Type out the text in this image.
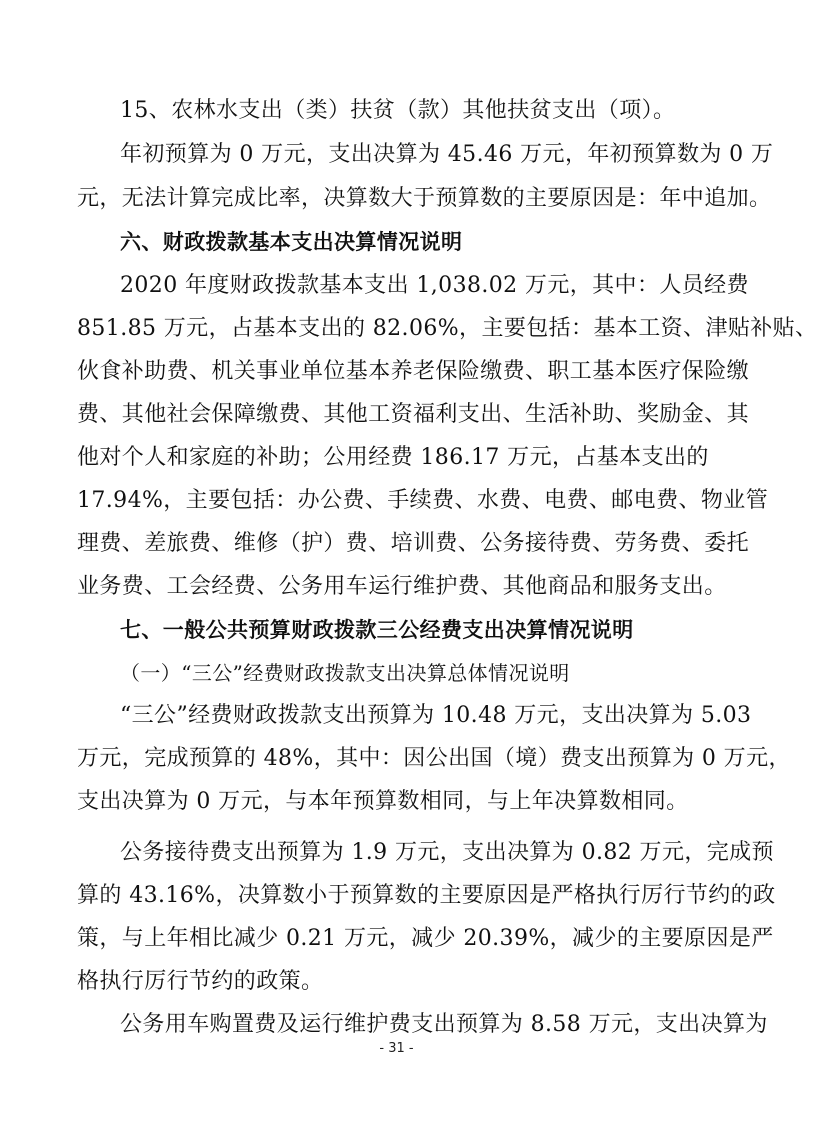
15、农林水支出（类）扶贫（款）其他扶贫支出（项）。
年初预算为 0 万元，支出决算为 45.46 万元，年初预算数为 0 万
元，无法计算完成比率，决算数大于预算数的主要原因是：年中追加。
六、财政拨款基本支出决算情况说明
2020 年度财政拨款基本支出 1,038.02 万元，其中：人员经费
851.85 万元，占基本支出的 82.06%，主要包括：基本工资、津贴补贴、
伙食补助费、机关事业单位基本养老保险缴费、职工基本医疗保险缴
费、其他社会保障缴费、其他工资福利支出、生活补助、奖励金、其
他对个人和家庭的补助；公用经费 186.17 万元，占基本支出的
17.94%，主要包括：办公费、手续费、水费、电费、邮电费、物业管
理费、差旅费、维修（护）费、培训费、公务接待费、劳务费、委托
业务费、工会经费、公务用车运行维护费、其他商品和服务支出。
七、一般公共预算财政拨款三公经费支出决算情况说明
（一）“三公”经费财政拨款支出决算总体情况说明
“三公”经费财政拨款支出预算为 10.48 万元，支出决算为 5.03
万元，完成预算的 48%，其中：因公出国（境）费支出预算为 0 万元，
支出决算为 0 万元，与本年预算数相同，与上年决算数相同。
公务接待费支出预算为 1.9 万元，支出决算为 0.82 万元，完成预
算的 43.16%，决算数小于预算数的主要原因是严格执行厉行节约的政
策，与上年相比减少 0.21 万元，减少 20.39%，减少的主要原因是严
格执行厉行节约的政策。
公务用车购置费及运行维护费支出预算为 8.58 万元，支出决算为
- 31 -
